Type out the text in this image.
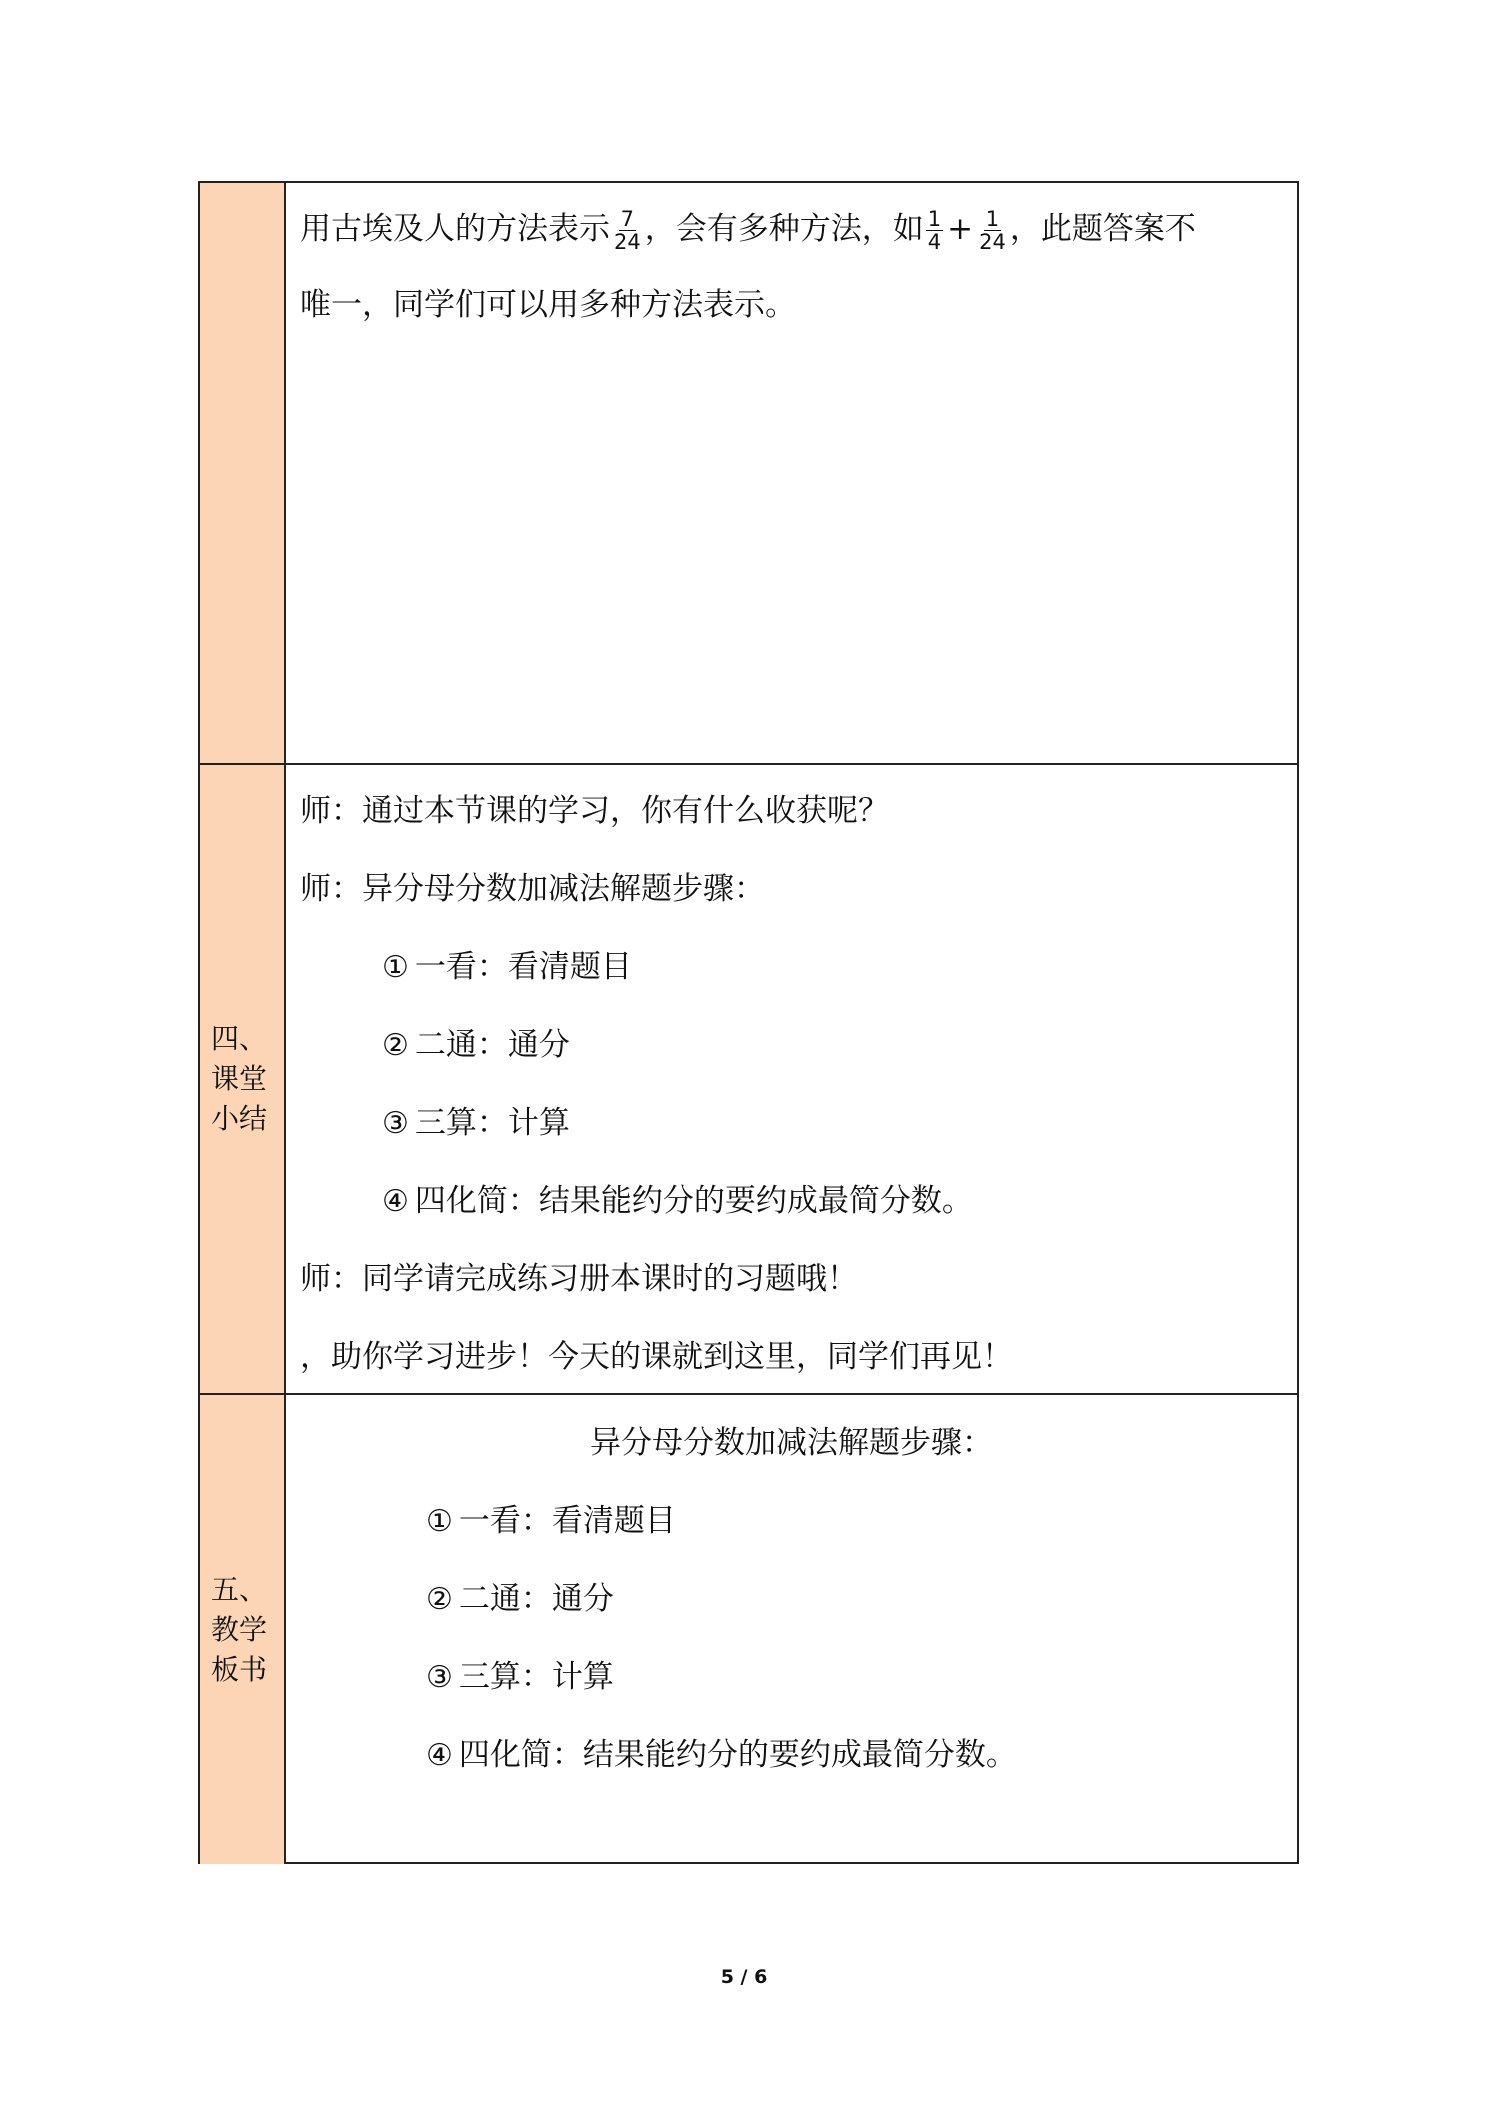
用古埃及人的方法表示 $\frac{7}{24}$ ，会有多种方法，如 $\frac{1}{4} + \frac{1}{24}$ ，此题答案不
唯一，同学们可以用多种方法表示。
四、
课堂
小结
师：通过本节课的学习，你有什么收获呢？
师：异分母分数加减法解题步骤：
① 一看：看清题目
② 二通：通分
③ 三算：计算
④ 四化简：结果能约分的要约成最简分数。
师：同学请完成练习册本课时的习题哦！
，助你学习进步！今天的课就到这里，同学们再见！
五、
教学
板书
异分母分数加减法解题步骤：
① 一看：看清题目
② 二通：通分
③ 三算：计算
④ 四化简：结果能约分的要约成最简分数。
5 / 6
